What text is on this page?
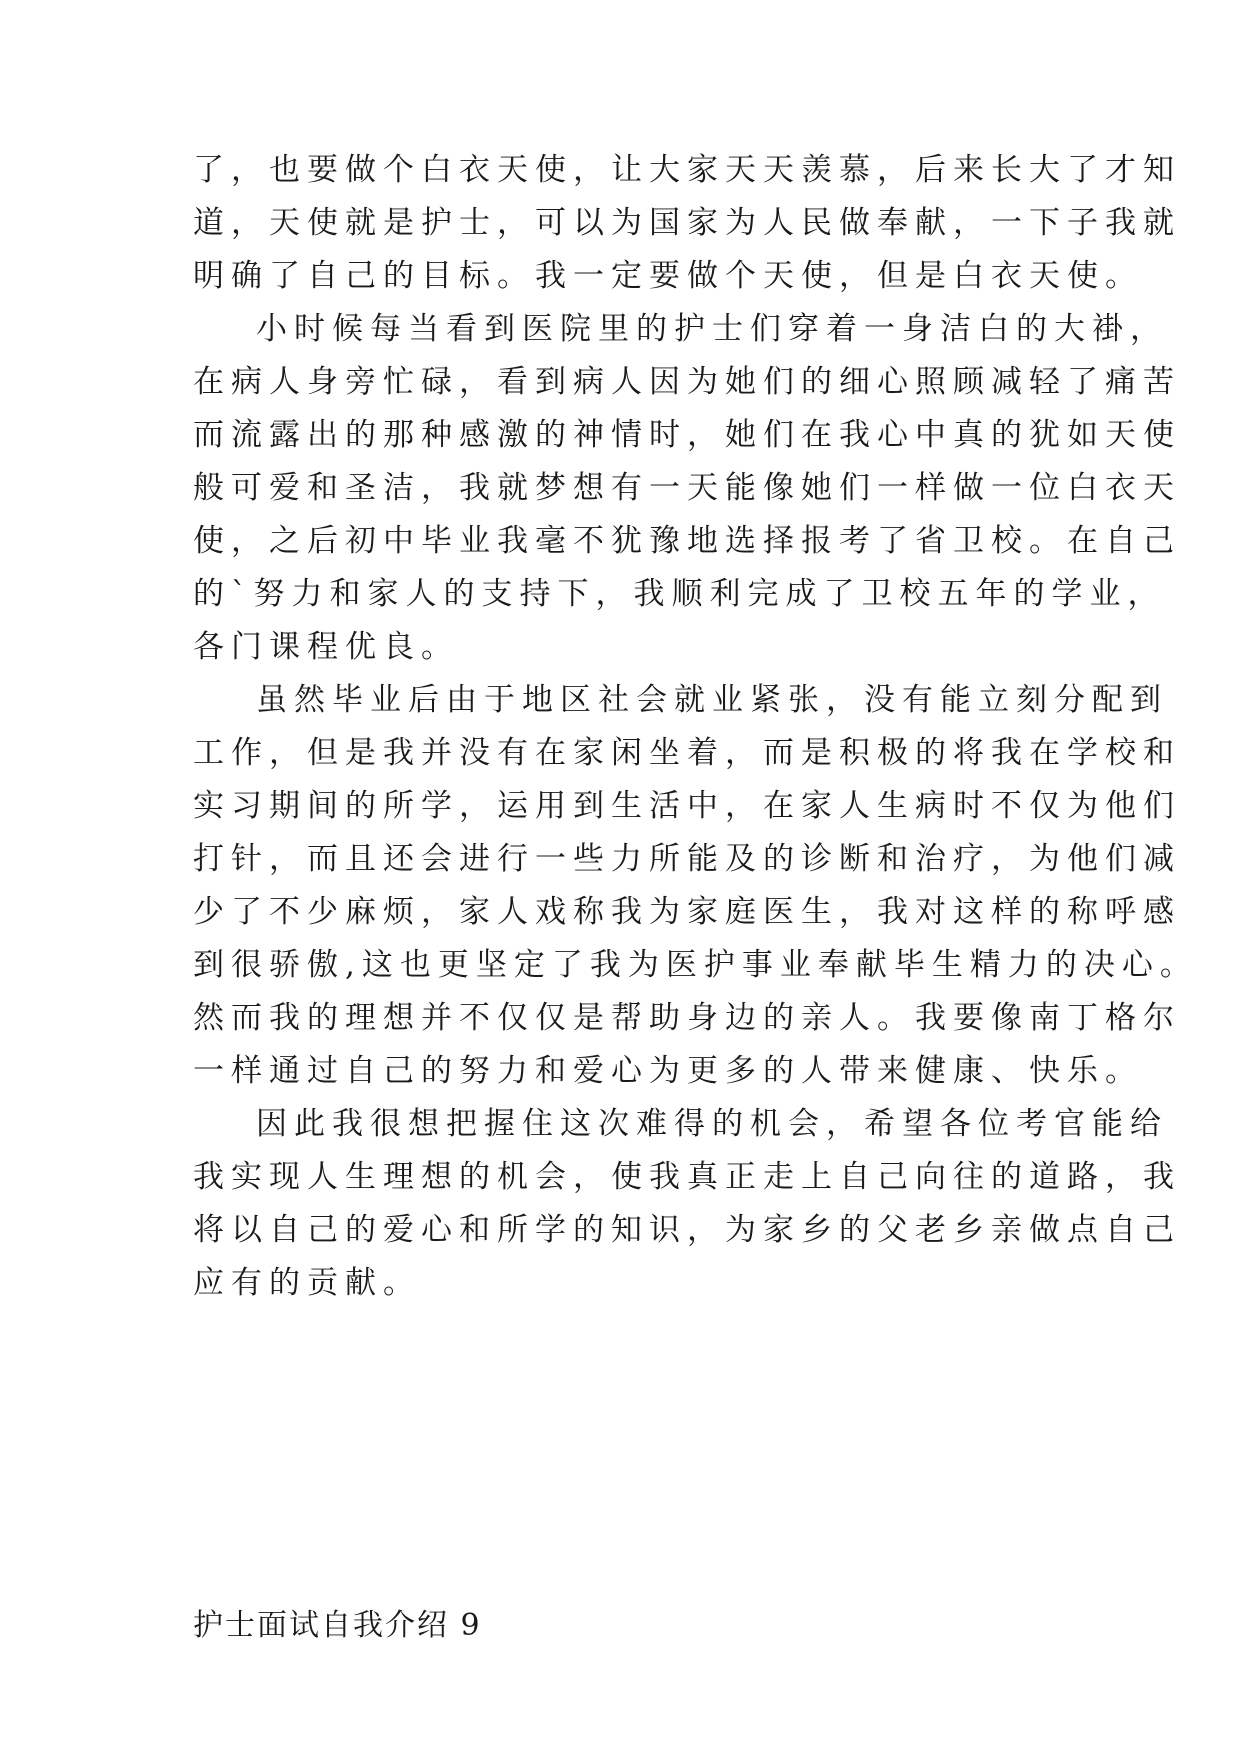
了，也要做个白衣天使，让大家天天羡慕，后来长大了才知

道，天使就是护士，可以为国家为人民做奉献，一下子我就

明确了自己的目标。我一定要做个天使，但是白衣天使。

小时候每当看到医院里的护士们穿着一身洁白的大褂，

在病人身旁忙碌，看到病人因为她们的细心照顾减轻了痛苦

而流露出的那种感激的神情时，她们在我心中真的犹如天使

般可爱和圣洁，我就梦想有一天能像她们一样做一位白衣天

使，之后初中毕业我毫不犹豫地选择报考了省卫校。在自己

的`努力和家人的支持下，我顺利完成了卫校五年的学业，

各门课程优良。

虽然毕业后由于地区社会就业紧张，没有能立刻分配到

工作，但是我并没有在家闲坐着，而是积极的将我在学校和

实习期间的所学，运用到生活中，在家人生病时不仅为他们

打针，而且还会进行一些力所能及的诊断和治疗，为他们减

少了不少麻烦，家人戏称我为家庭医生，我对这样的称呼感

到很骄傲,这也更坚定了我为医护事业奉献毕生精力的决心。

然而我的理想并不仅仅是帮助身边的亲人。我要像南丁格尔

一样通过自己的努力和爱心为更多的人带来健康、快乐。

因此我很想把握住这次难得的机会，希望各位考官能给

我实现人生理想的机会，使我真正走上自己向往的道路，我

将以自己的爱心和所学的知识，为家乡的父老乡亲做点自己

应有的贡献。

护士面试自我介绍 9
